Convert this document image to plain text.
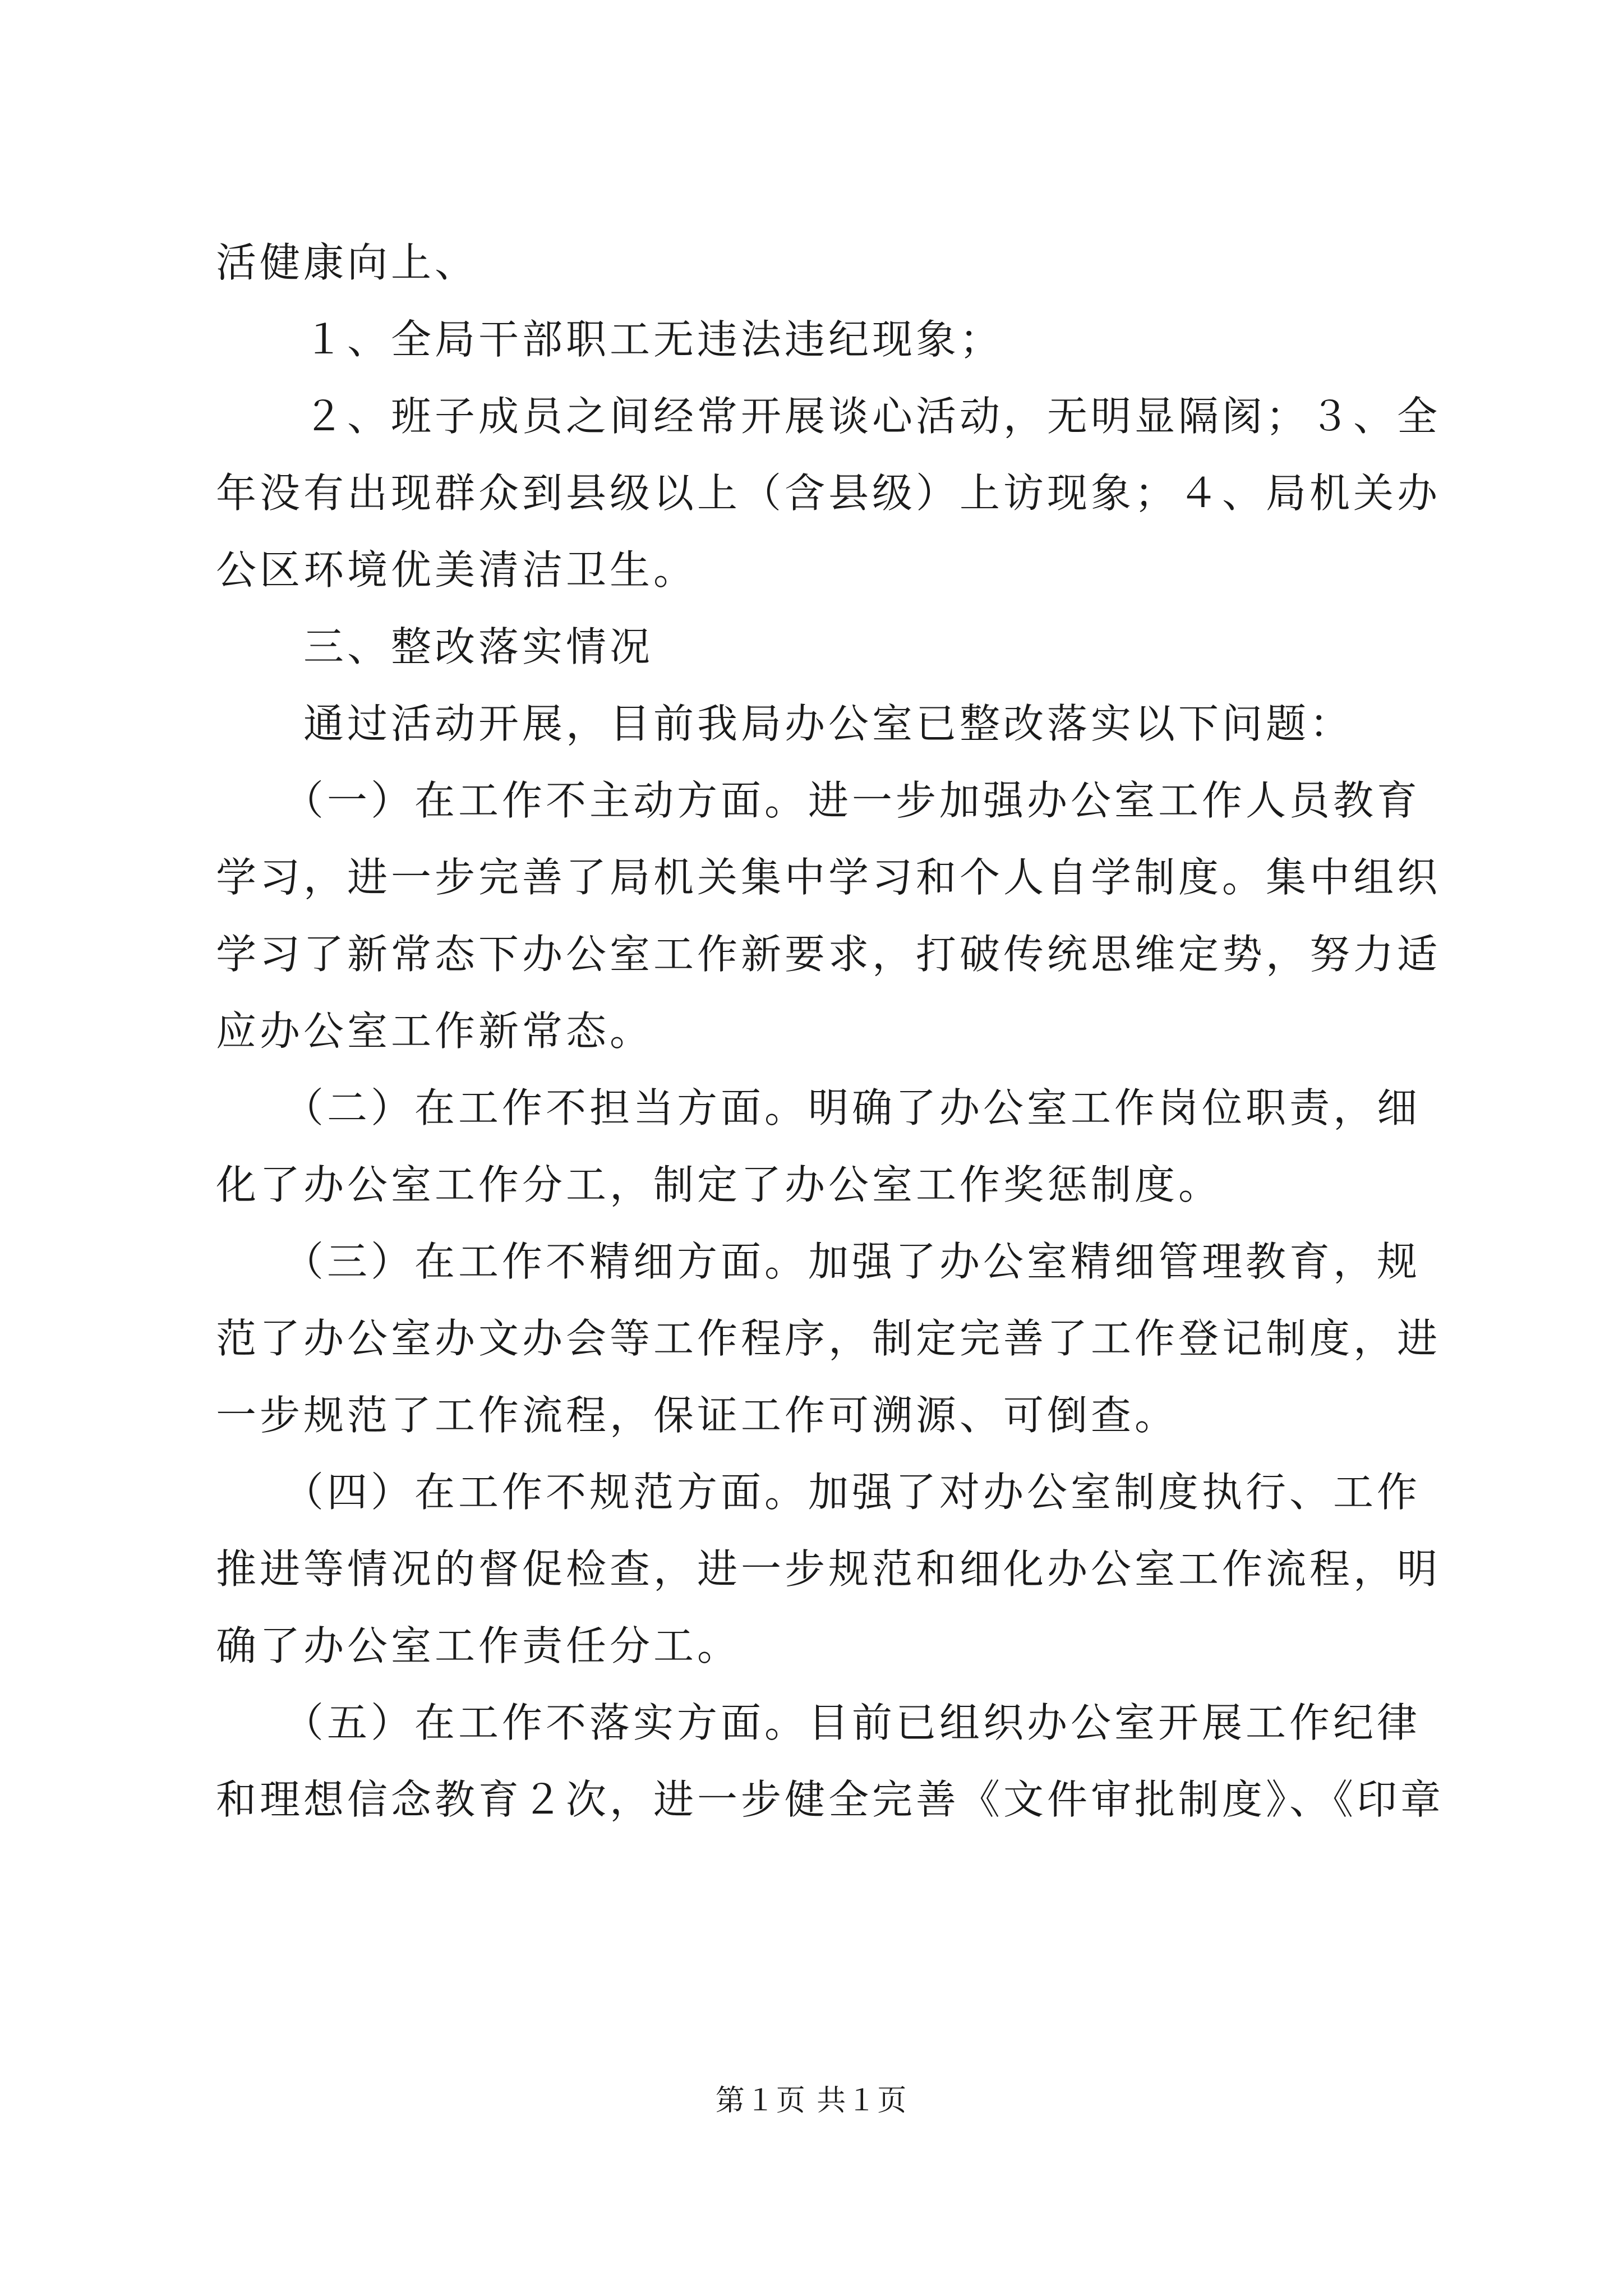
活健康向上、
　　１、全局干部职工无违法违纪现象；
　　２、班子成员之间经常开展谈心活动，无明显隔阂；３、全
年没有出现群众到县级以上（含县级）上访现象；４、局机关办
公区环境优美清洁卫生。
　　三、整改落实情况
　　通过活动开展，目前我局办公室已整改落实以下问题：
　　（一）在工作不主动方面。进一步加强办公室工作人员教育
学习，进一步完善了局机关集中学习和个人自学制度。集中组织
学习了新常态下办公室工作新要求，打破传统思维定势，努力适
应办公室工作新常态。
　　（二）在工作不担当方面。明确了办公室工作岗位职责，细
化了办公室工作分工，制定了办公室工作奖惩制度。
　　（三）在工作不精细方面。加强了办公室精细管理教育，规
范了办公室办文办会等工作程序，制定完善了工作登记制度，进
一步规范了工作流程，保证工作可溯源、可倒查。
　　（四）在工作不规范方面。加强了对办公室制度执行、工作
推进等情况的督促检查，进一步规范和细化办公室工作流程，明
确了办公室工作责任分工。
　　（五）在工作不落实方面。目前已组织办公室开展工作纪律
和理想信念教育２次，进一步健全完善《文件审批制度》、《印章
第１页 共１页
